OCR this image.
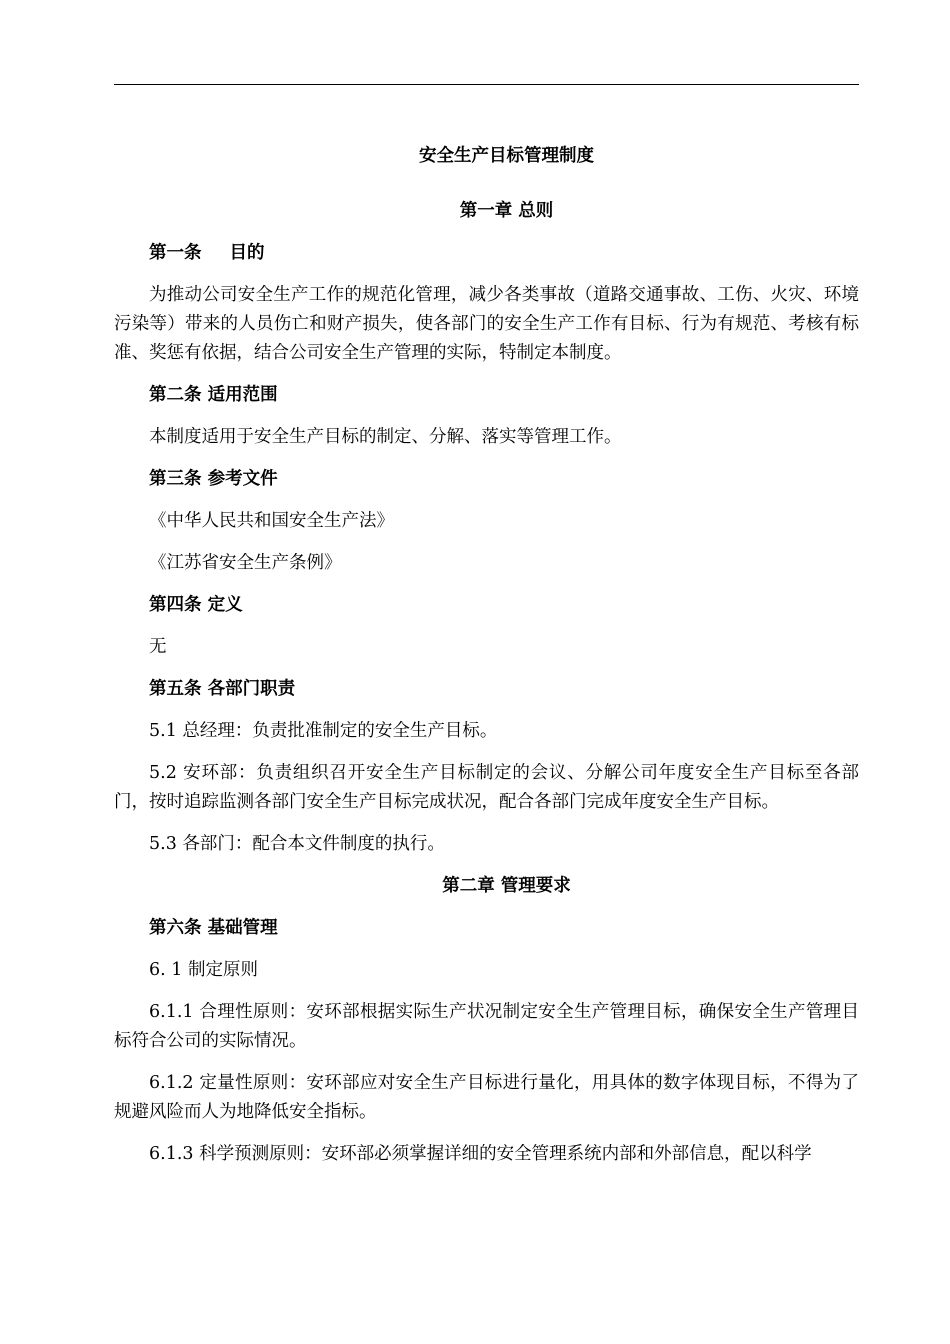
安全生产目标管理制度
第一章 总则
第一条 目的

为推动公司安全生产工作的规范化管理，减少各类事故（道路交通事故、工伤、火灾、环境污染等）带来的人员伤亡和财产损失，使各部门的安全生产工作有目标、行为有规范、考核有标准、奖惩有依据，结合公司安全生产管理的实际，特制定本制度。

第二条 适用范围

本制度适用于安全生产目标的制定、分解、落实等管理工作。

第三条 参考文件

《中华人民共和国安全生产法》

《江苏省安全生产条例》

第四条 定义

无

第五条 各部门职责

5.1 总经理：负责批准制定的安全生产目标。

5.2 安环部：负责组织召开安全生产目标制定的会议、分解公司年度安全生产目标至各部门，按时追踪监测各部门安全生产目标完成状况，配合各部门完成年度安全生产目标。

5.3 各部门：配合本文件制度的执行。

第二章 管理要求
第六条 基础管理

6. 1 制定原则

6.1.1 合理性原则：安环部根据实际生产状况制定安全生产管理目标，确保安全生产管理目标符合公司的实际情况。

6.1.2 定量性原则：安环部应对安全生产目标进行量化，用具体的数字体现目标，不得为了规避风险而人为地降低安全指标。

6.1.3 科学预测原则：安环部必须掌握详细的安全管理系统内部和外部信息，配以科学
